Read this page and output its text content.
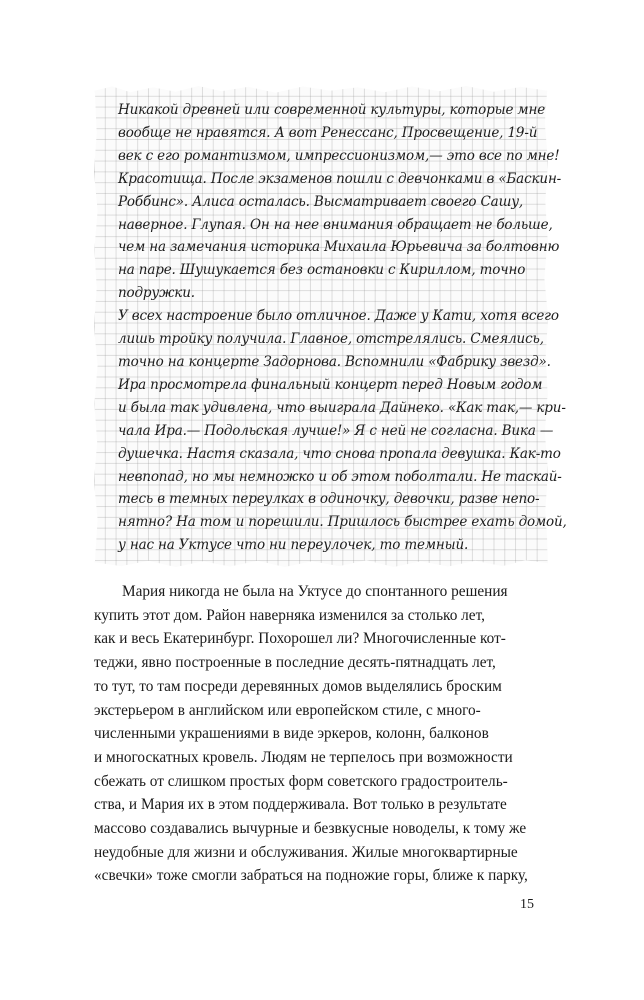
Никакой древней или современной культуры, которые мне
вообще не нравятся. А вот Ренессанс, Просвещение, 19-й
век с его романтизмом, импрессионизмом,— это все по мне!
Красотища. После экзаменов пошли с девчонками в «Баскин-
Роббинс». Алиса осталась. Высматривает своего Сашу,
наверное. Глупая. Он на нее внимания обращает не больше,
чем на замечания историка Михаила Юрьевича за болтовню
на паре. Шушукается без остановки с Кириллом, точно
подружки.
У всех настроение было отличное. Даже у Кати, хотя всего
лишь тройку получила. Главное, отстрелялись. Смеялись,
точно на концерте Задорнова. Вспомнили «Фабрику звезд».
Ира просмотрела финальный концерт перед Новым годом
и была так удивлена, что выиграла Дайнеко. «Как так,— кри-
чала Ира.— Подольская лучше!» Я с ней не согласна. Вика —
душечка. Настя сказала, что снова пропала девушка. Как-то
невпопад, но мы немножко и об этом поболтали. Не таскай-
тесь в темных переулках в одиночку, девочки, разве непо-
нятно? На том и порешили. Пришлось быстрее ехать домой,
у нас на Уктусе что ни переулочек, то темный.
Мария никогда не была на Уктусе до спонтанного решения
купить этот дом. Район наверняка изменился за столько лет,
как и весь Екатеринбург. Похорошел ли? Многочисленные кот-
теджи, явно построенные в последние десять-пятнадцать лет,
то тут, то там посреди деревянных домов выделялись броским
экстерьером в английском или европейском стиле, с много-
численными украшениями в виде эркеров, колонн, балконов
и многоскатных кровель. Людям не терпелось при возможности
сбежать от слишком простых форм советского градостроитель-
ства, и Мария их в этом поддерживала. Вот только в результате
массово создавались вычурные и безвкусные новоделы, к тому же
неудобные для жизни и обслуживания. Жилые многоквартирные
«свечки» тоже смогли забраться на подножие горы, ближе к парку,
15
